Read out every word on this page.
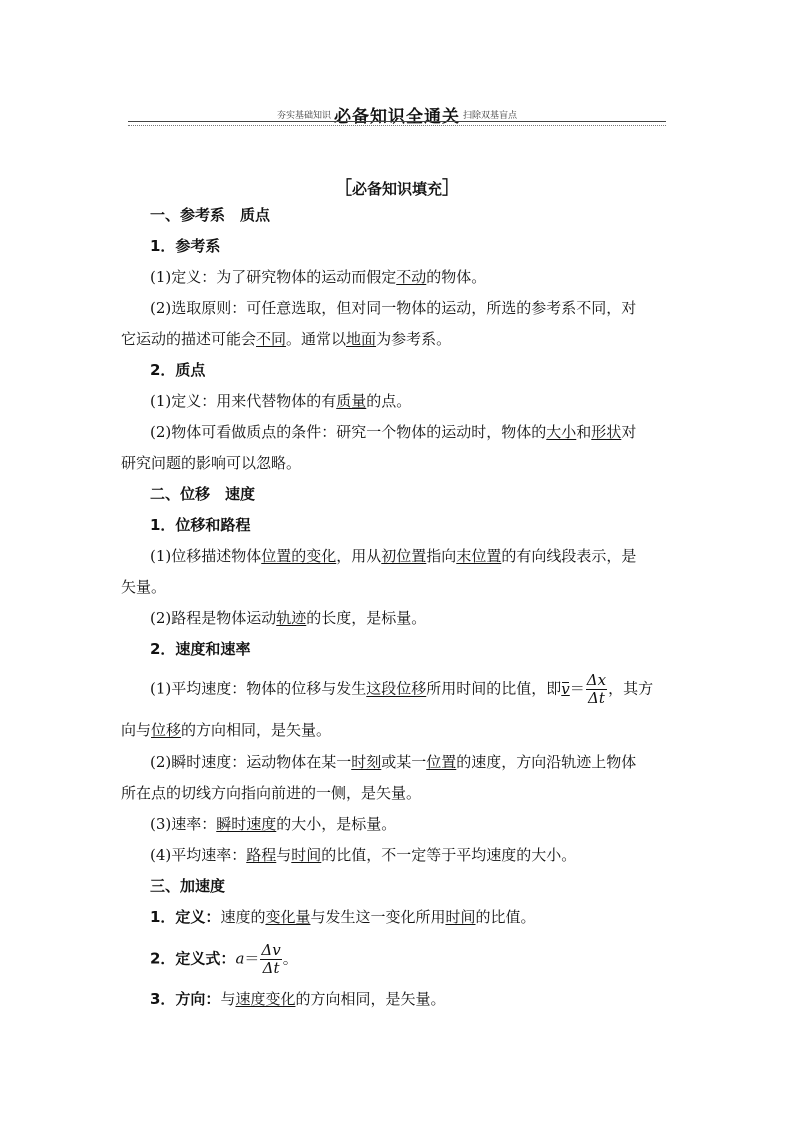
夯实基础知识 必备知识全通关 扫除双基盲点
［必备知识填充］
一、参考系　质点
1．参考系
(1)定义：为了研究物体的运动而假定不动的物体。
(2)选取原则：可任意选取，但对同一物体的运动，所选的参考系不同，对
它运动的描述可能会不同。通常以地面为参考系。
2．质点
(1)定义：用来代替物体的有质量的点。
(2)物体可看做质点的条件：研究一个物体的运动时，物体的大小和形状对
研究问题的影响可以忽略。
二、位移　速度
1．位移和路程
(1)位移描述物体位置的变化，用从初位置指向末位置的有向线段表示，是
矢量。
(2)路程是物体运动轨迹的长度，是标量。
2．速度和速率
(1)平均速度：物体的位移与发生这段位移所用时间的比值，即$v= \frac{\Delta x}{\Delta t}$ ，其方
向与位移的方向相同，是矢量。
(2)瞬时速度：运动物体在某一时刻或某一位置的速度，方向沿轨迹上物体
所在点的切线方向指向前进的一侧，是矢量。
(3)速率：瞬时速度的大小，是标量。
(4)平均速率：路程与时间的比值，不一定等于平均速度的大小。
三、加速度
1．定义：速度的变化量与发生这一变化所用时间的比值。
2．定义式：$a= \frac{\Delta v}{\Delta t}$ 。
3．方向：与速度变化的方向相同，是矢量。
